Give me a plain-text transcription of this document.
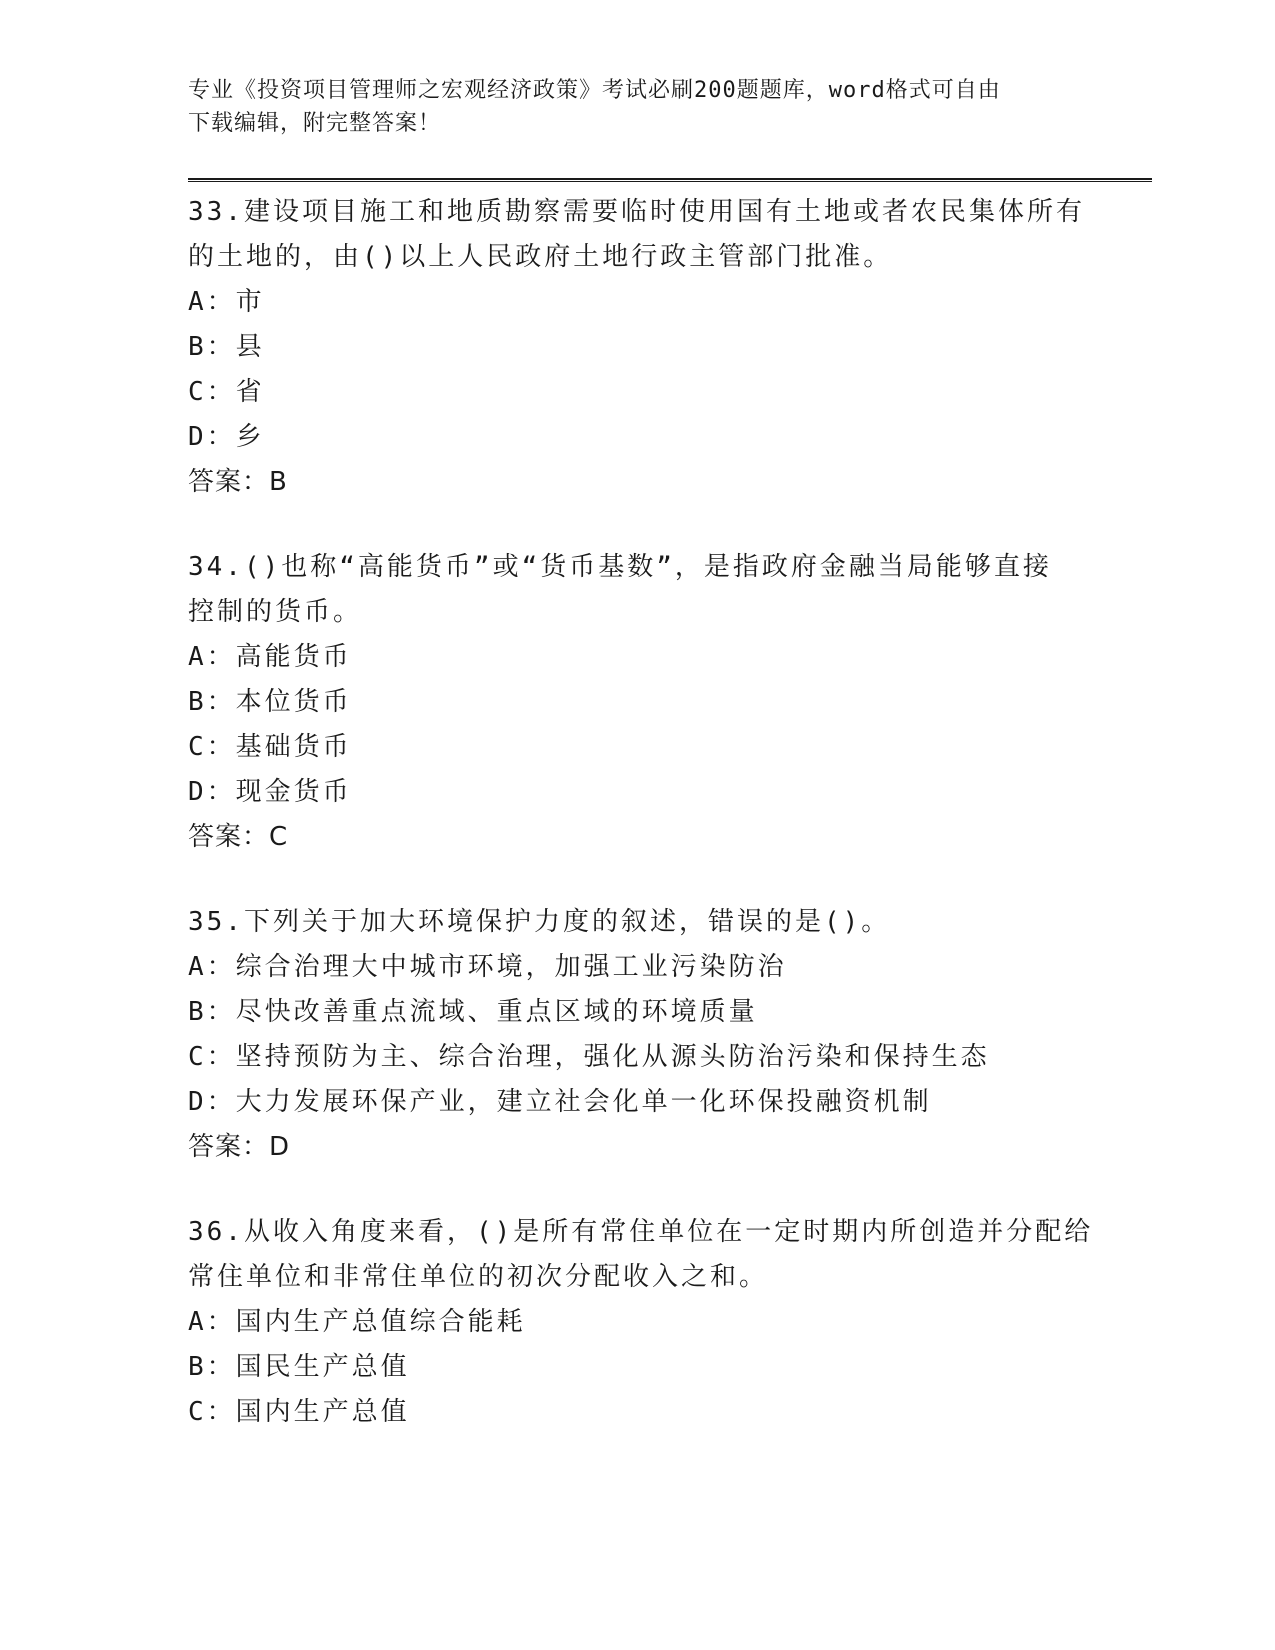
专业《投资项目管理师之宏观经济政策》考试必刷200题题库，word格式可自由
下载编辑，附完整答案！

33.建设项目施工和地质勘察需要临时使用国有土地或者农民集体所有

的土地的，由()以上人民政府土地行政主管部门批准。

A：市

B：县

C：省

D：乡

答案：B

34.()也称“高能货币”或“货币基数”，是指政府金融当局能够直接

控制的货币。

A：高能货币

B：本位货币

C：基础货币

D：现金货币

答案：C

35.下列关于加大环境保护力度的叙述，错误的是()。

A：综合治理大中城市环境，加强工业污染防治

B：尽快改善重点流域、重点区域的环境质量

C：坚持预防为主、综合治理，强化从源头防治污染和保持生态

D：大力发展环保产业，建立社会化单一化环保投融资机制

答案：D

36.从收入角度来看，()是所有常住单位在一定时期内所创造并分配给

常住单位和非常住单位的初次分配收入之和。

A：国内生产总值综合能耗

B：国民生产总值

C：国内生产总值
